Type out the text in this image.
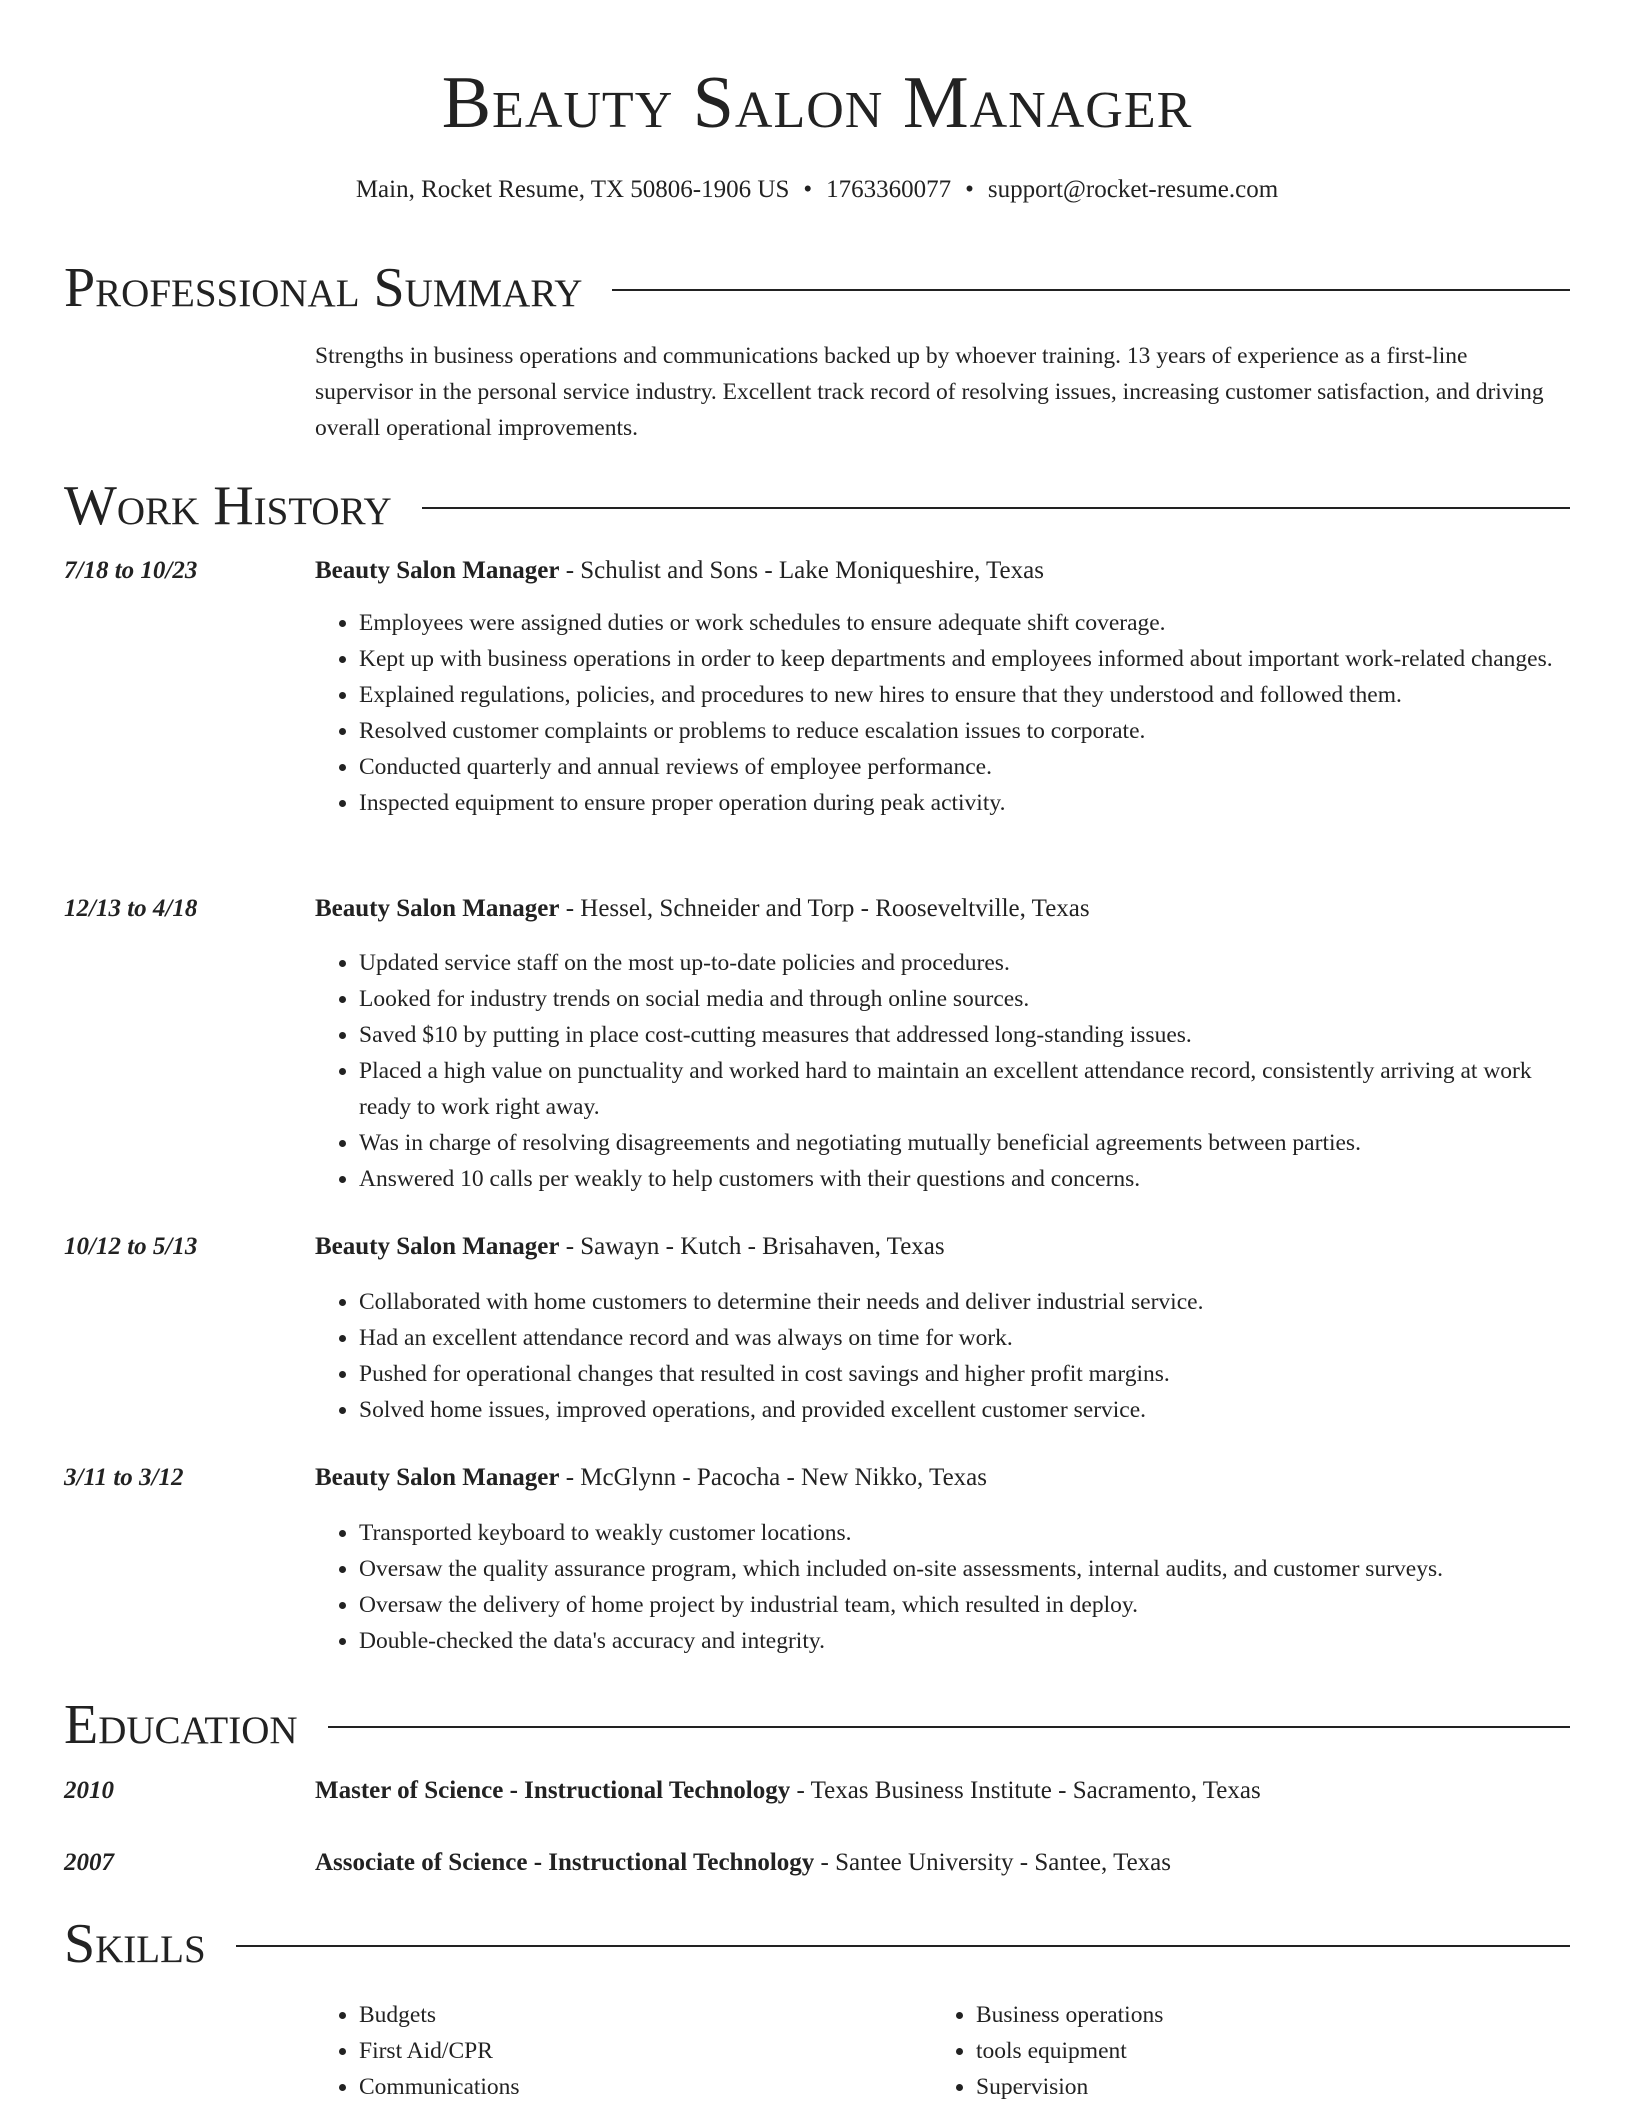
Beauty Salon Manager
Main, Rocket Resume, TX 50806-1906 US • 1763360077 • support@rocket-resume.com
Professional Summary
Strengths in business operations and communications backed up by whoever training. 13 years of experience as a first-line supervisor in the personal service industry. Excellent track record of resolving issues, increasing customer satisfaction, and driving overall operational improvements.
Work History
7/18 to 10/23	Beauty Salon Manager - Schulist and Sons - Lake Moniqueshire, Texas
• Employees were assigned duties or work schedules to ensure adequate shift coverage.
• Kept up with business operations in order to keep departments and employees informed about important work-related changes.
• Explained regulations, policies, and procedures to new hires to ensure that they understood and followed them.
• Resolved customer complaints or problems to reduce escalation issues to corporate.
• Conducted quarterly and annual reviews of employee performance.
• Inspected equipment to ensure proper operation during peak activity.
12/13 to 4/18	Beauty Salon Manager - Hessel, Schneider and Torp - Rooseveltville, Texas
• Updated service staff on the most up-to-date policies and procedures.
• Looked for industry trends on social media and through online sources.
• Saved $10 by putting in place cost-cutting measures that addressed long-standing issues.
• Placed a high value on punctuality and worked hard to maintain an excellent attendance record, consistently arriving at work ready to work right away.
• Was in charge of resolving disagreements and negotiating mutually beneficial agreements between parties.
• Answered 10 calls per weakly to help customers with their questions and concerns.
10/12 to 5/13	Beauty Salon Manager - Sawayn - Kutch - Brisahaven, Texas
• Collaborated with home customers to determine their needs and deliver industrial service.
• Had an excellent attendance record and was always on time for work.
• Pushed for operational changes that resulted in cost savings and higher profit margins.
• Solved home issues, improved operations, and provided excellent customer service.
3/11 to 3/12	Beauty Salon Manager - McGlynn - Pacocha - New Nikko, Texas
• Transported keyboard to weakly customer locations.
• Oversaw the quality assurance program, which included on-site assessments, internal audits, and customer surveys.
• Oversaw the delivery of home project by industrial team, which resulted in deploy.
• Double-checked the data's accuracy and integrity.
Education
2010	Master of Science - Instructional Technology - Texas Business Institute - Sacramento, Texas
2007	Associate of Science - Instructional Technology - Santee University - Santee, Texas
Skills
• Budgets
• First Aid/CPR
• Communications
• Business operations
• tools equipment
• Supervision
